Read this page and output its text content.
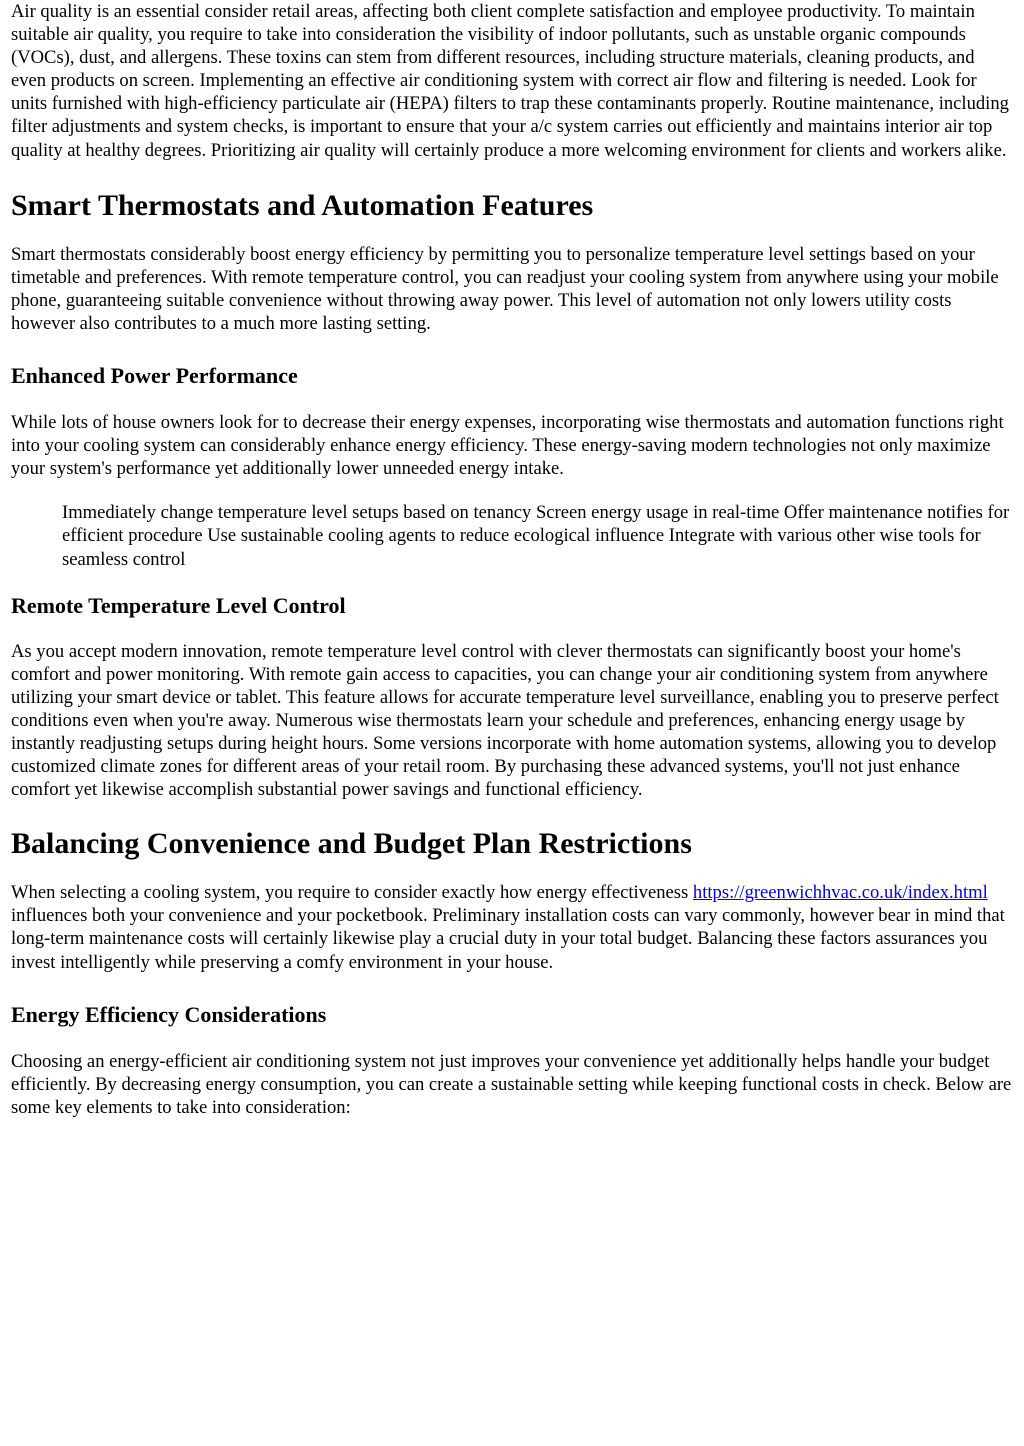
Air quality is an essential consider retail areas, affecting both client complete satisfaction and employee productivity. To maintain suitable air quality, you require to take into consideration the visibility of indoor pollutants, such as unstable organic compounds (VOCs), dust, and allergens. These toxins can stem from different resources, including structure materials, cleaning products, and even products on screen. Implementing an effective air conditioning system with correct air flow and filtering is needed. Look for units furnished with high-efficiency particulate air (HEPA) filters to trap these contaminants properly. Routine maintenance, including filter adjustments and system checks, is important to ensure that your a/c system carries out efficiently and maintains interior air top quality at healthy degrees. Prioritizing air quality will certainly produce a more welcoming environment for clients and workers alike.

Smart Thermostats and Automation Features

Smart thermostats considerably boost energy efficiency by permitting you to personalize temperature level settings based on your timetable and preferences. With remote temperature control, you can readjust your cooling system from anywhere using your mobile phone, guaranteeing suitable convenience without throwing away power. This level of automation not only lowers utility costs however also contributes to a much more lasting setting.

Enhanced Power Performance

While lots of house owners look for to decrease their energy expenses, incorporating wise thermostats and automation functions right into your cooling system can considerably enhance energy efficiency. These energy-saving modern technologies not only maximize your system's performance yet additionally lower unneeded energy intake.

Immediately change temperature level setups based on tenancy Screen energy usage in real-time Offer maintenance notifies for efficient procedure Use sustainable cooling agents to reduce ecological influence Integrate with various other wise tools for seamless control
Remote Temperature Level Control

As you accept modern innovation, remote temperature level control with clever thermostats can significantly boost your home's comfort and power monitoring. With remote gain access to capacities, you can change your air conditioning system from anywhere utilizing your smart device or tablet. This feature allows for accurate temperature level surveillance, enabling you to preserve perfect conditions even when you're away. Numerous wise thermostats learn your schedule and preferences, enhancing energy usage by instantly readjusting setups during height hours. Some versions incorporate with home automation systems, allowing you to develop customized climate zones for different areas of your retail room. By purchasing these advanced systems, you'll not just enhance comfort yet likewise accomplish substantial power savings and functional efficiency.

Balancing Convenience and Budget Plan Restrictions

When selecting a cooling system, you require to consider exactly how energy effectiveness https://greenwichhvac.co.uk/index.html influences both your convenience and your pocketbook. Preliminary installation costs can vary commonly, however bear in mind that long-term maintenance costs will certainly likewise play a crucial duty in your total budget. Balancing these factors assurances you invest intelligently while preserving a comfy environment in your house.

Energy Efficiency Considerations

Choosing an energy-efficient air conditioning system not just improves your convenience yet additionally helps handle your budget efficiently. By decreasing energy consumption, you can create a sustainable setting while keeping functional costs in check. Below are some key elements to take into consideration:
